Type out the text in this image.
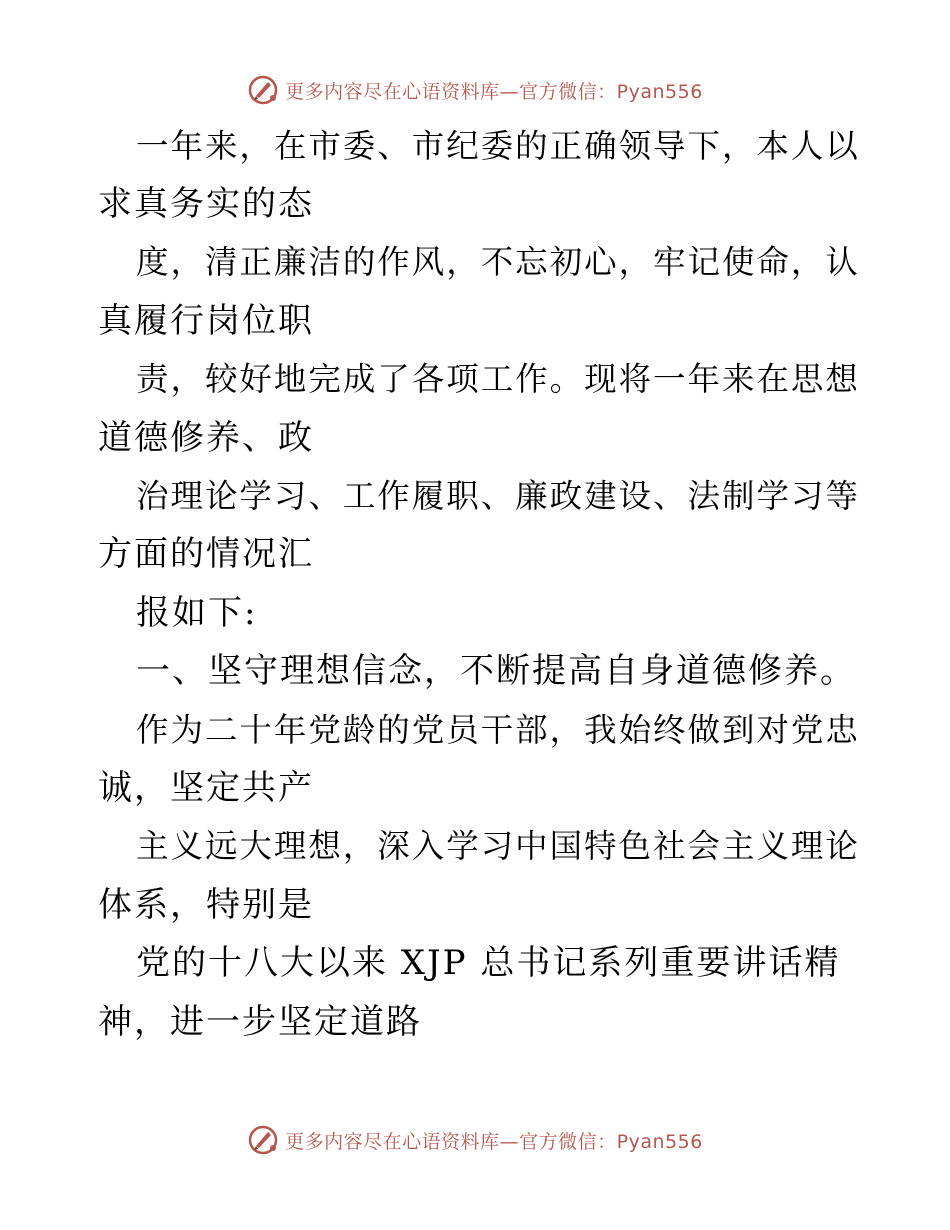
更多内容尽在心语资料库—官方微信：Pyan556
一年来，在市委、市纪委的正确领导下，本人以
求真务实的态
度，清正廉洁的作风，不忘初心，牢记使命，认
真履行岗位职
责，较好地完成了各项工作。现将一年来在思想
道德修养、政
治理论学习、工作履职、廉政建设、法制学习等
方面的情况汇
报如下:
一、坚守理想信念，不断提高自身道德修养。
作为二十年党龄的党员干部，我始终做到对党忠
诚，坚定共产
主义远大理想，深入学习中国特色社会主义理论
体系，特别是
党的十八大以来 XJP 总书记系列重要讲话精
神，进一步坚定道路
更多内容尽在心语资料库—官方微信：Pyan556
